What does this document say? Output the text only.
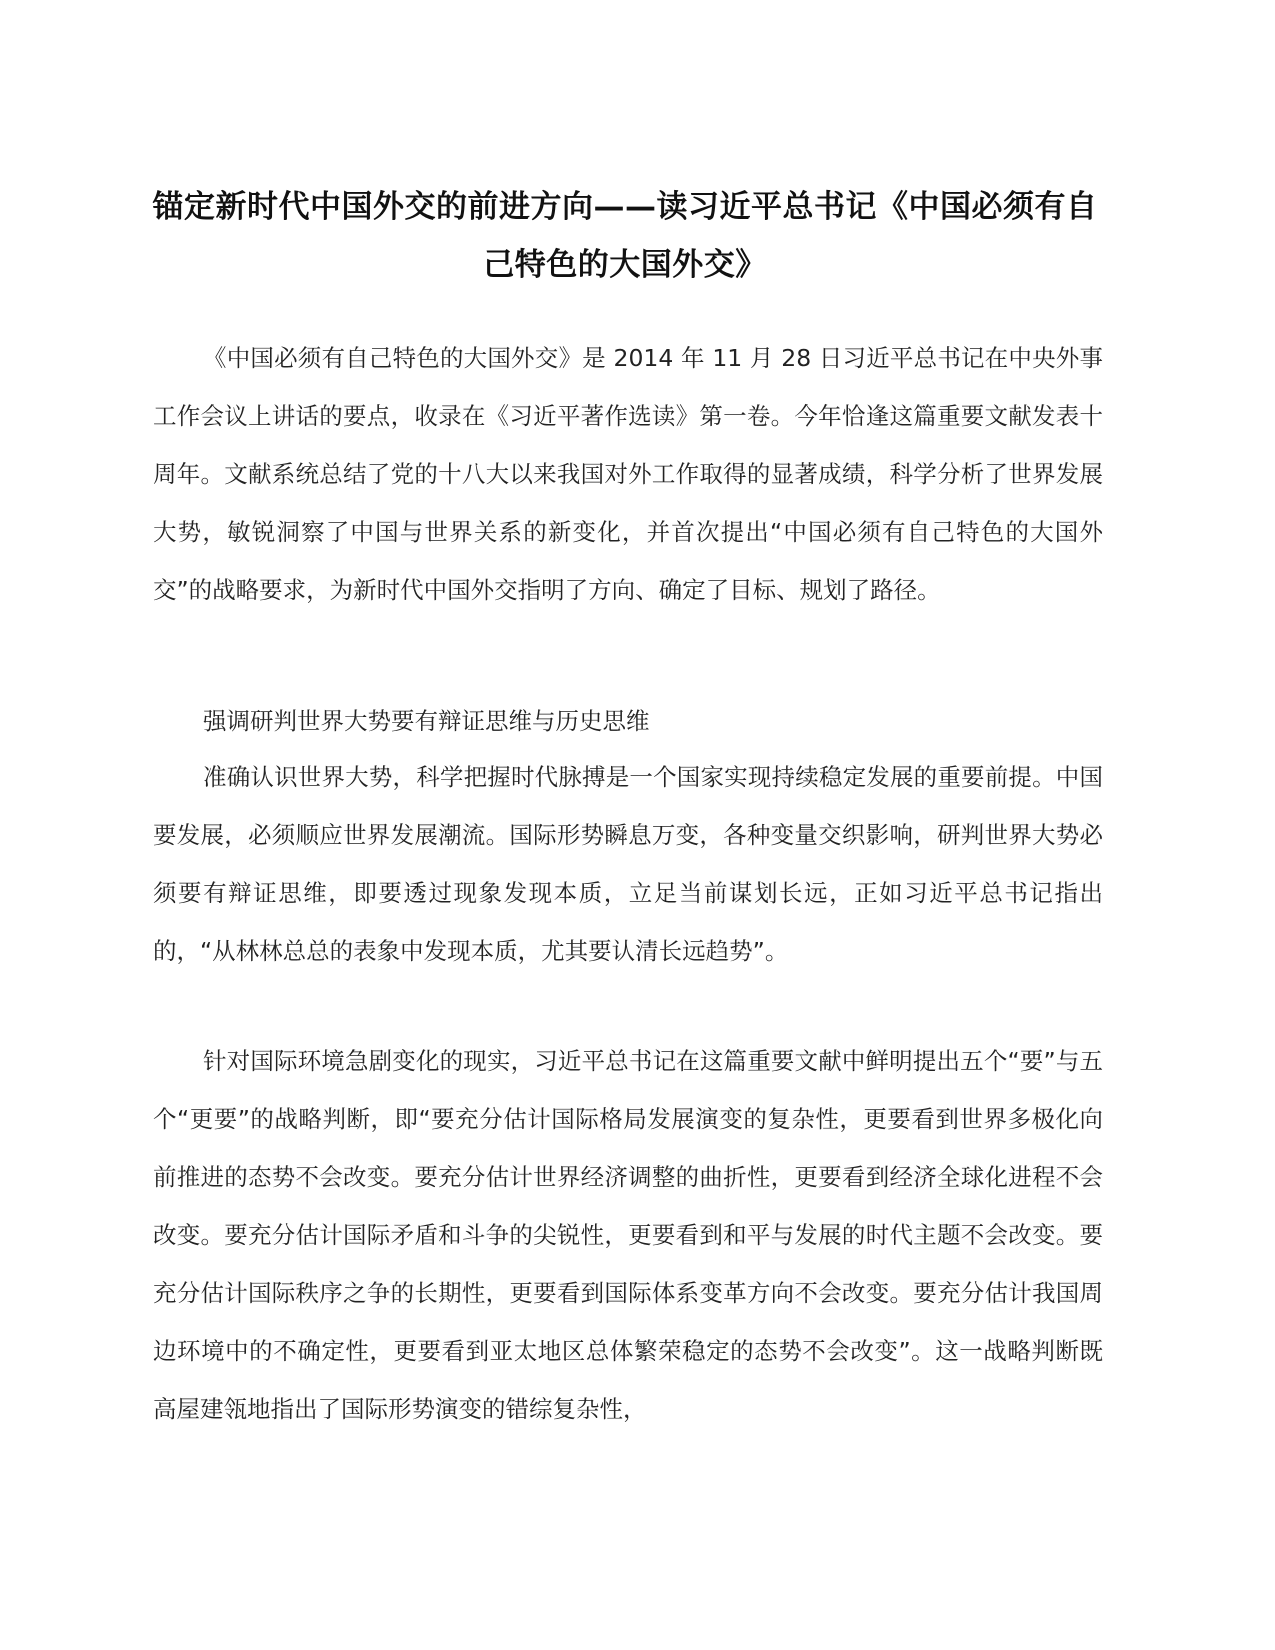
锚定新时代中国外交的前进方向——读习近平总书记《中国必须有自己特色的大国外交》
《中国必须有自己特色的大国外交》是 2014 年 11 月 28 日习近平总书记在中央外事工作会议上讲话的要点，收录在《习近平著作选读》第一卷。今年恰逢这篇重要文献发表十周年。文献系统总结了党的十八大以来我国对外工作取得的显著成绩，科学分析了世界发展大势，敏锐洞察了中国与世界关系的新变化，并首次提出“中国必须有自己特色的大国外交”的战略要求，为新时代中国外交指明了方向、确定了目标、规划了路径。
强调研判世界大势要有辩证思维与历史思维
准确认识世界大势，科学把握时代脉搏是一个国家实现持续稳定发展的重要前提。中国要发展，必须顺应世界发展潮流。国际形势瞬息万变，各种变量交织影响，研判世界大势必须要有辩证思维，即要透过现象发现本质，立足当前谋划长远，正如习近平总书记指出的，“从林林总总的表象中发现本质，尤其要认清长远趋势”。
针对国际环境急剧变化的现实，习近平总书记在这篇重要文献中鲜明提出五个“要”与五个“更要”的战略判断，即“要充分估计国际格局发展演变的复杂性，更要看到世界多极化向前推进的态势不会改变。要充分估计世界经济调整的曲折性，更要看到经济全球化进程不会改变。要充分估计国际矛盾和斗争的尖锐性，更要看到和平与发展的时代主题不会改变。要充分估计国际秩序之争的长期性，更要看到国际体系变革方向不会改变。要充分估计我国周边环境中的不确定性，更要看到亚太地区总体繁荣稳定的态势不会改变”。这一战略判断既高屋建瓴地指出了国际形势演变的错综复杂性，
